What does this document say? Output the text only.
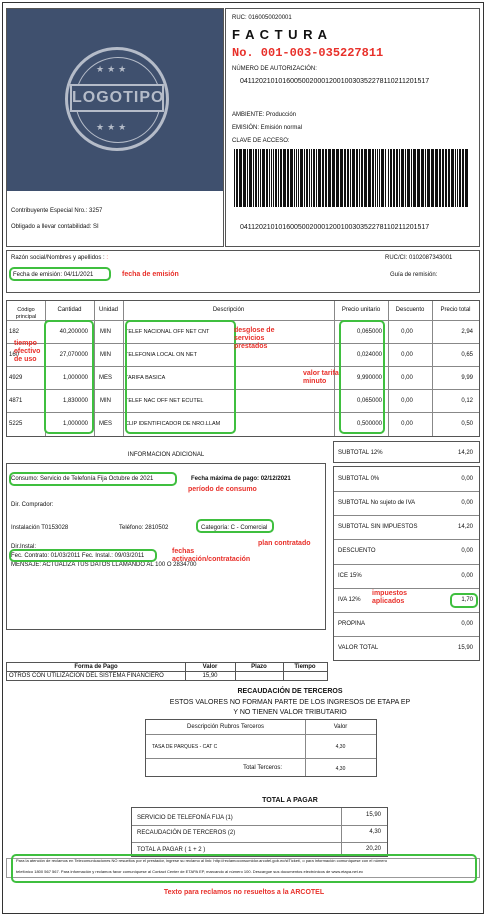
LOGOTIPO
★★★
★★★
Contribuyente Especial Nro.: 3257
Obligado a llevar contabilidad: SI
RUC: 0160050020001
F A C T U R A
No. 001-003-035227811
NÚMERO DE AUTORIZACIÓN:
0411202101016005002000120010030352278110211201517
AMBIENTE: Producción
EMISIÓN: Emisión normal
CLAVE DE ACCESO:
0411202101016005002000120010030352278110211201517
Razón social/Nombres y apellidos : :	RUC/CI: 0102087343001
Fecha de emisión: 04/11/2021	Guía de remisión:
fecha de emisión
Código principal
Cantidad	Unidad	Descripción	Precio unitario	Descuento	Precio total
182	40,200000	MIN	TELEF NACIONAL OFF NET CNT	0,065000	0,00	2,94
160	27,070000	MIN	TELEFONIA LOCAL ON NET	0,024000	0,00	0,65
4929	1,000000	MES	TARIFA BASICA	9,990000	0,00	9,99
4871	1,830000	MIN	TELEF NAC OFF NET ECUTEL	0,065000	0,00	0,12
5225	1,000000	MES	CLIP IDENTIFICADOR DE NRO.LLAM	0,500000	0,00	0,50
desglose de servicios prestados
tiempo efectivo de uso
valor tarifa minuto
SUBTOTAL 12%	14,20
INFORMACION ADICIONAL
Consumo: Servicio de Telefonía Fija Octubre de 2021	Fecha máxima de pago: 02/12/2021
Dir. Comprador:
Instalación T0153028	Teléfono: 2810502	Categoría: C - Comercial
Dir.Instal:
Fec. Contrato: 01/03/2011 Fec. Instal.: 09/03/2011
MENSAJE: ACTUALIZA TUS DATOS LLAMANDO AL 100 O 2834700
período de consumo
plan contratado
fechas activación/contratación
SUBTOTAL 0%	0,00
SUBTOTAL No sujeto de IVA	0,00
SUBTOTAL SIN IMPUESTOS	14,20
DESCUENTO	0,00
ICE 15%	0,00
IVA 12%	1,70
PROPINA	0,00
VALOR TOTAL	15,90
impuestos aplicados
Forma de Pago	Valor	Plazo	Tiempo
OTROS CON UTILIZACION DEL SISTEMA FINANCIERO	15,90
RECAUDACIÓN DE TERCEROS
ESTOS VALORES NO FORMAN PARTE DE LOS INGRESOS DE ETAPA EP
Y NO TIENEN VALOR TRIBUTARIO
Descripción Rubros Terceros	Valor
TASA DE PARQUES - CAT C	4,30
Total Terceros:	4,30
TOTAL A PAGAR
SERVICIO DE TELEFONÍA FIJA (1)	15,90
RECAUDACIÓN DE TERCEROS (2)	4,30
TOTAL A PAGAR ( 1 + 2 )	20,20
Para la atención de reclamos en Telecomunicaciones NO resueltos por el prestador, ingrese su reclamo al link: http://reclamoconsumidor.arcotel.gob.ec/stTicket/, o para información comuníquese con el número
telefónico 1800 567 567. Para información y reclamos favor comuníquese al Contact Center de ETAPA EP, marcando al número 100. Descargue sus documentos electrónicos de www.etapa.net.ec
Texto para reclamos no resueltos a la ARCOTEL
